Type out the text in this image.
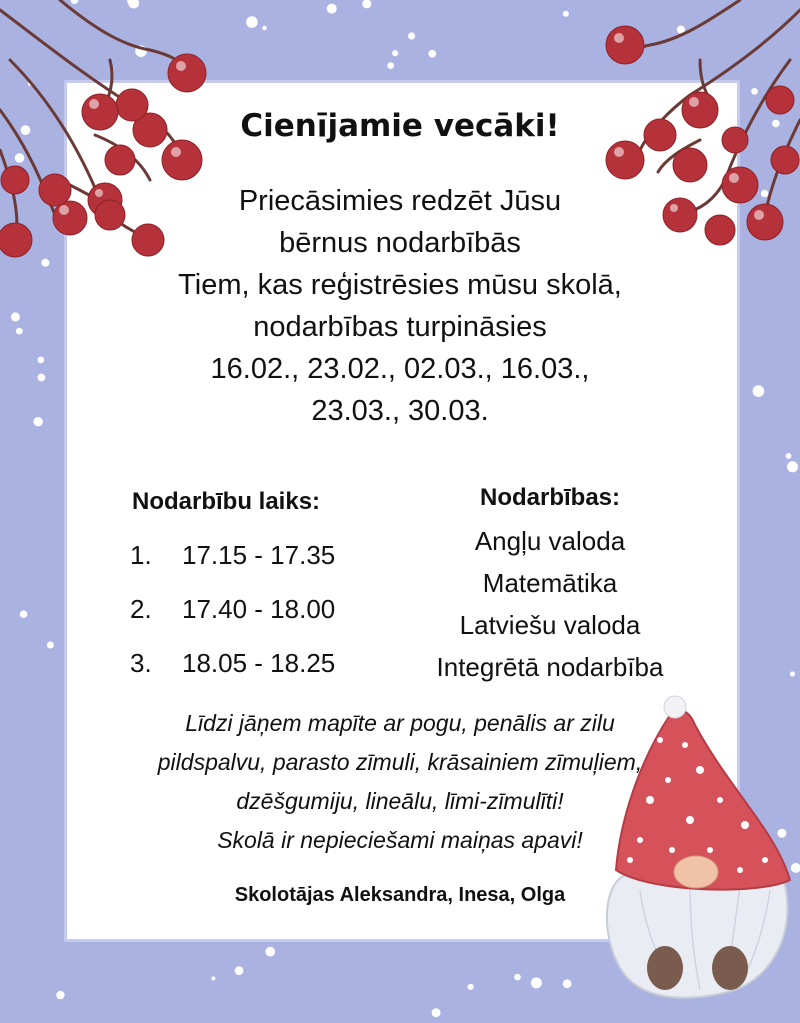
Cienījamie vecāki!
Priecāsimies redzēt Jūsu
bērnus nodarbībās
Tiem, kas reģistrēsies mūsu skolā,
nodarbības turpināsies
16.02., 23.02., 02.03., 16.03.,
23.03., 30.03.
Nodarbību laiks:
1. 17.15 - 17.35
2. 17.40 - 18.00
3. 18.05 - 18.25
Nodarbības:
Angļu valoda
Matemātika
Latviešu valoda
Integrētā nodarbība
Līdzi jāņem mapīte ar pogu, penālis ar zilu
pildspalvu, parasto zīmuli, krāsainiem zīmuļiem,
dzēšgumiju, lineālu, līmi-zīmulīti!
Skolā ir nepieciešami maiņas apavi!
Skolotājas Aleksandra, Inesa, Olga
